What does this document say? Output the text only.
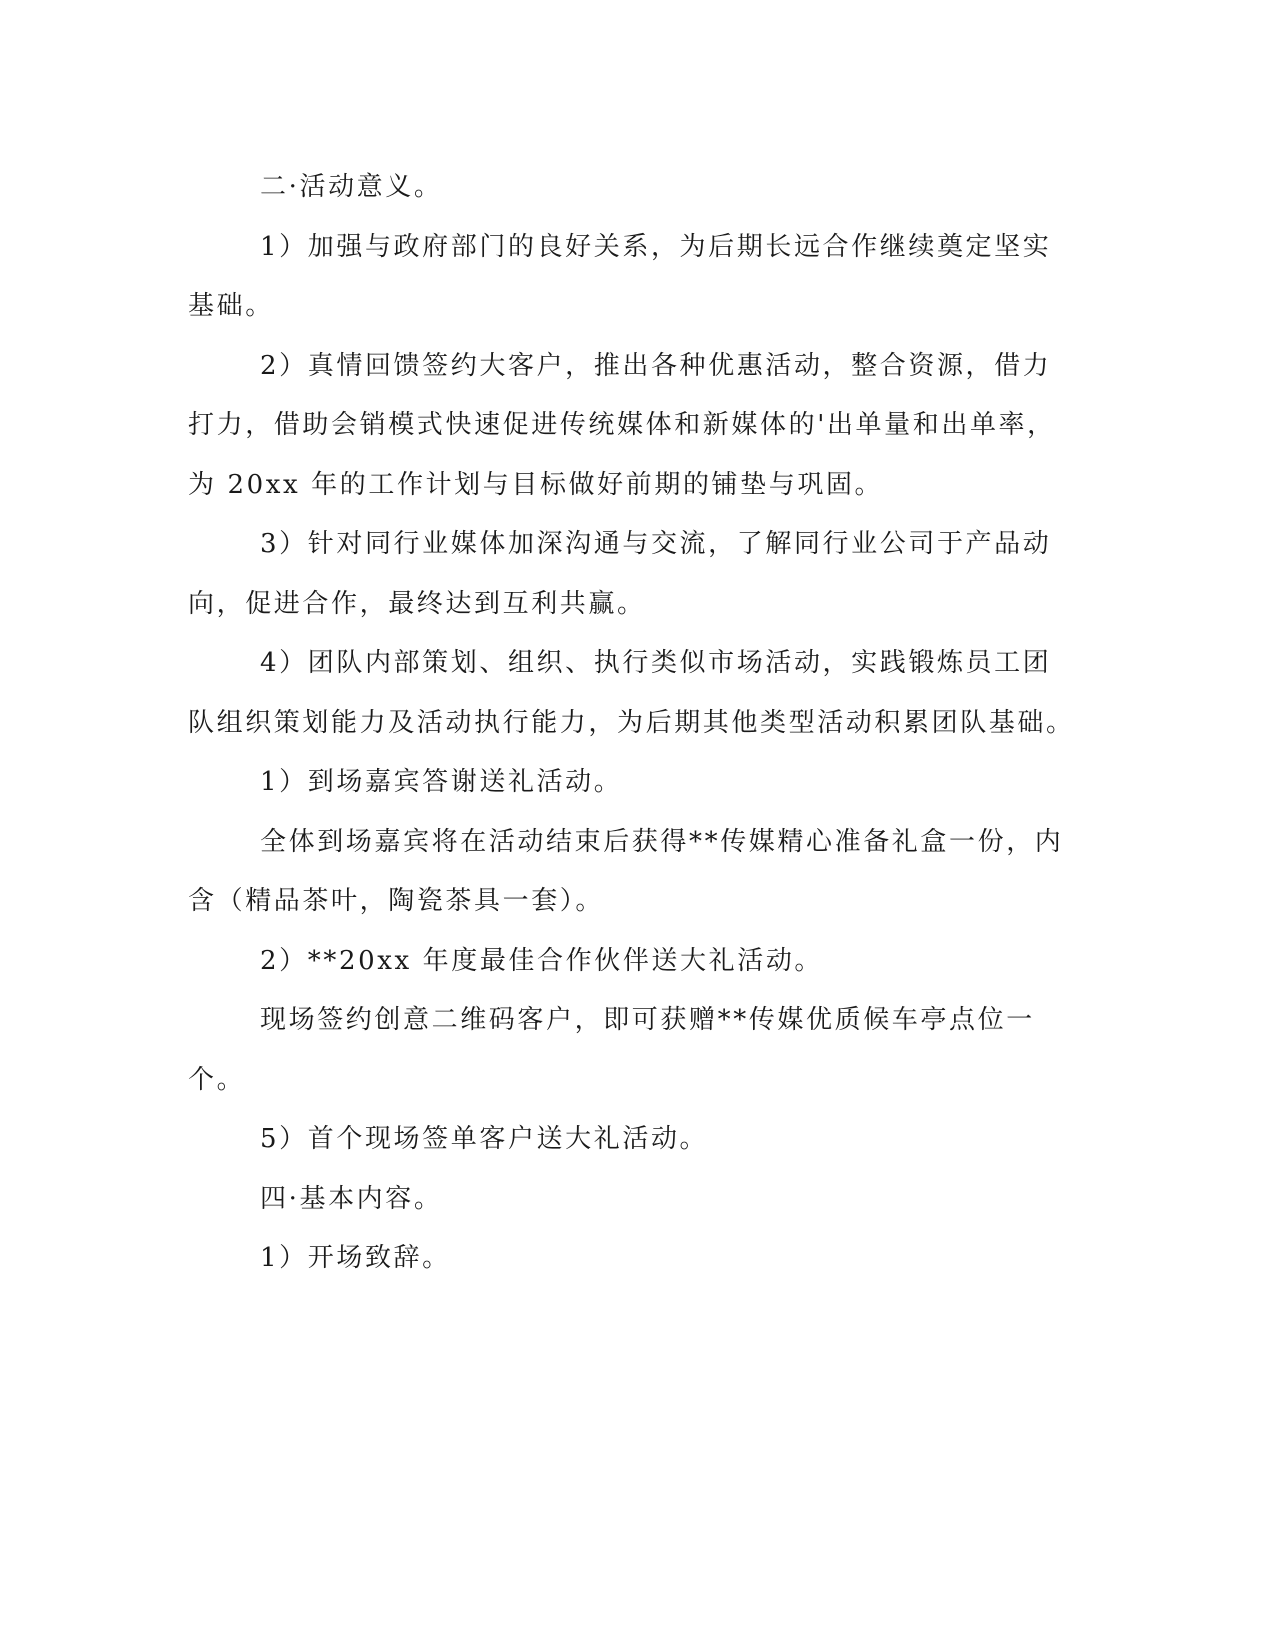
二·活动意义。

1）加强与政府部门的良好关系，为后期长远合作继续奠定坚实基础。

2）真情回馈签约大客户，推出各种优惠活动，整合资源，借力打力，借助会销模式快速促进传统媒体和新媒体的'出单量和出单率，为 20xx 年的工作计划与目标做好前期的铺垫与巩固。

3）针对同行业媒体加深沟通与交流，了解同行业公司于产品动向，促进合作，最终达到互利共赢。

4）团队内部策划、组织、执行类似市场活动，实践锻炼员工团队组织策划能力及活动执行能力，为后期其他类型活动积累团队基础。

1）到场嘉宾答谢送礼活动。

全体到场嘉宾将在活动结束后获得**传媒精心准备礼盒一份，内含（精品茶叶，陶瓷茶具一套）。

2）**20xx 年度最佳合作伙伴送大礼活动。

现场签约创意二维码客户，即可获赠**传媒优质候车亭点位一个。

5）首个现场签单客户送大礼活动。

四·基本内容。

1）开场致辞。
